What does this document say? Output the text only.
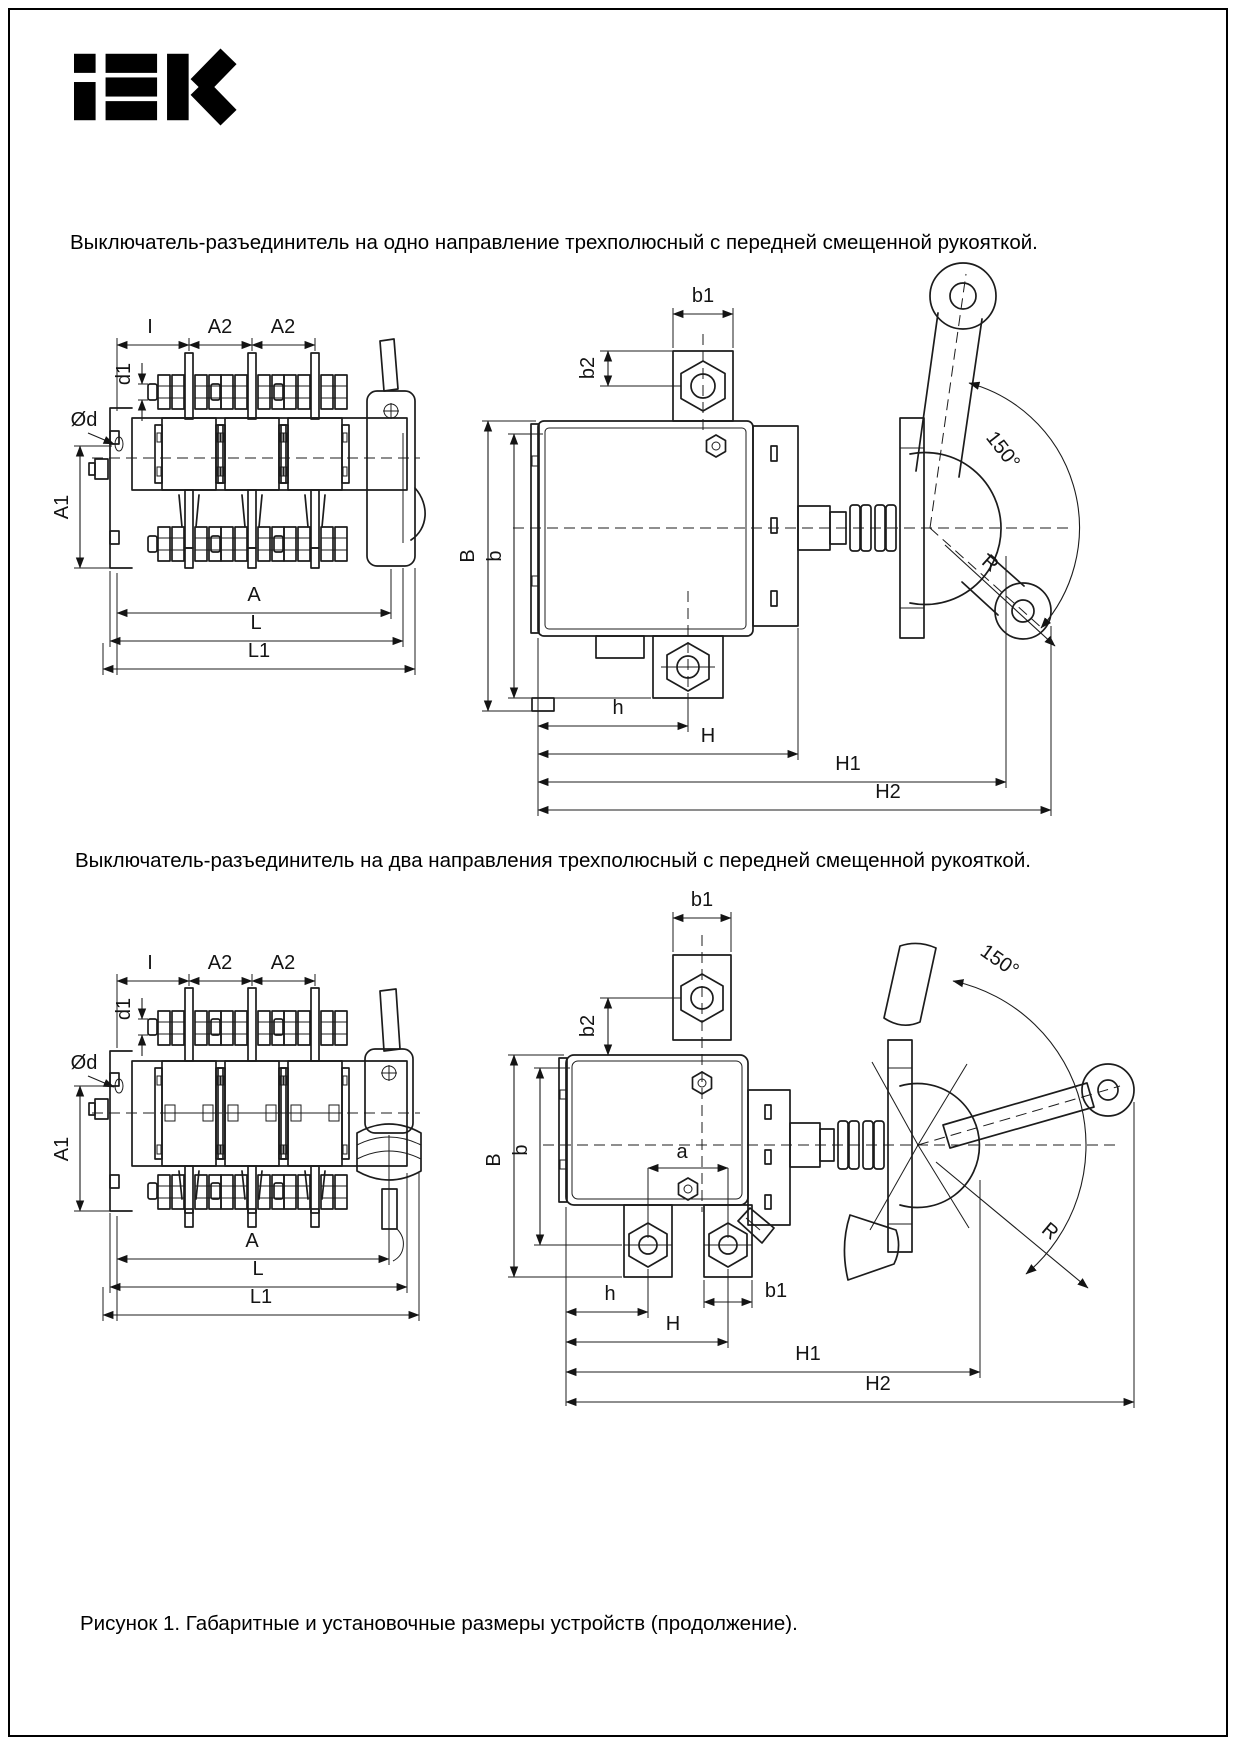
Выключатель-разъединитель на одно направление трехполюсный с передней смещенной рукояткой.
I	A2 A2
d1
Ød
A1
A
L
L1
150°
R
b1
b2
B b
h
H
H1
H2
Выключатель-разъединитель на два направления трехполюсный с передней смещенной рукояткой.
I	A2 A2
d1
Ød
A1
A
L
L1
150°
R
b1
b2
B
b	a
b1
h
H
H1
H2
Рисунок 1. Габаритные и установочные размеры устройств (продолжение).
